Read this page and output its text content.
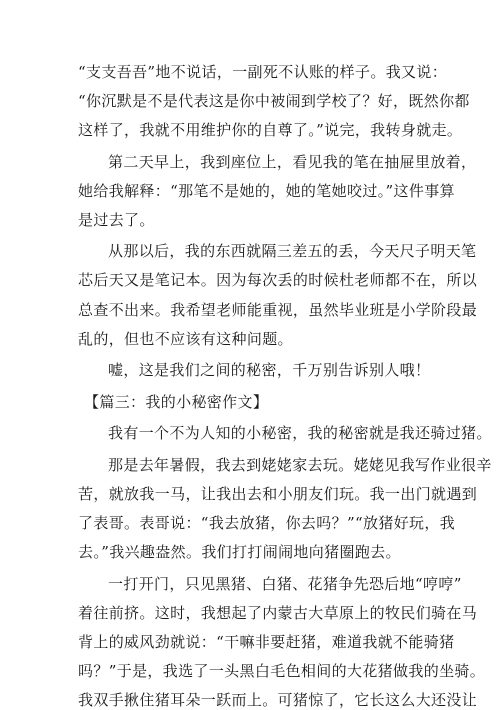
“支支吾吾”地不说话，一副死不认账的样子。我又说：
“你沉默是不是代表这是你中被闹到学校了？好，既然你都
这样了，我就不用维护你的自尊了。”说完，我转身就走。
第二天早上，我到座位上，看见我的笔在抽屉里放着，
她给我解释：“那笔不是她的，她的笔她咬过。”这件事算
是过去了。
从那以后，我的东西就隔三差五的丢，今天尺子明天笔
芯后天又是笔记本。因为每次丢的时候杜老师都不在，所以
总查不出来。我希望老师能重视，虽然毕业班是小学阶段最
乱的，但也不应该有这种问题。
嘘，这是我们之间的秘密，千万别告诉别人哦！
【篇三：我的小秘密作文】
我有一个不为人知的小秘密，我的秘密就是我还骑过猪。
那是去年暑假，我去到姥姥家去玩。姥姥见我写作业很辛
苦，就放我一马，让我出去和小朋友们玩。我一出门就遇到
了表哥。表哥说：“我去放猪，你去吗？”“放猪好玩，我
去。”我兴趣盎然。我们打打闹闹地向猪圈跑去。
一打开门，只见黑猪、白猪、花猪争先恐后地“哼哼”
着往前挤。这时，我想起了内蒙古大草原上的牧民们骑在马
背上的威风劲就说：“干嘛非要赶猪，难道我就不能骑猪
吗？”于是，我选了一头黑白毛色相间的大花猪做我的坐骑。
我双手揪住猪耳朵一跃而上。可猪惊了，它长这么大还没让
